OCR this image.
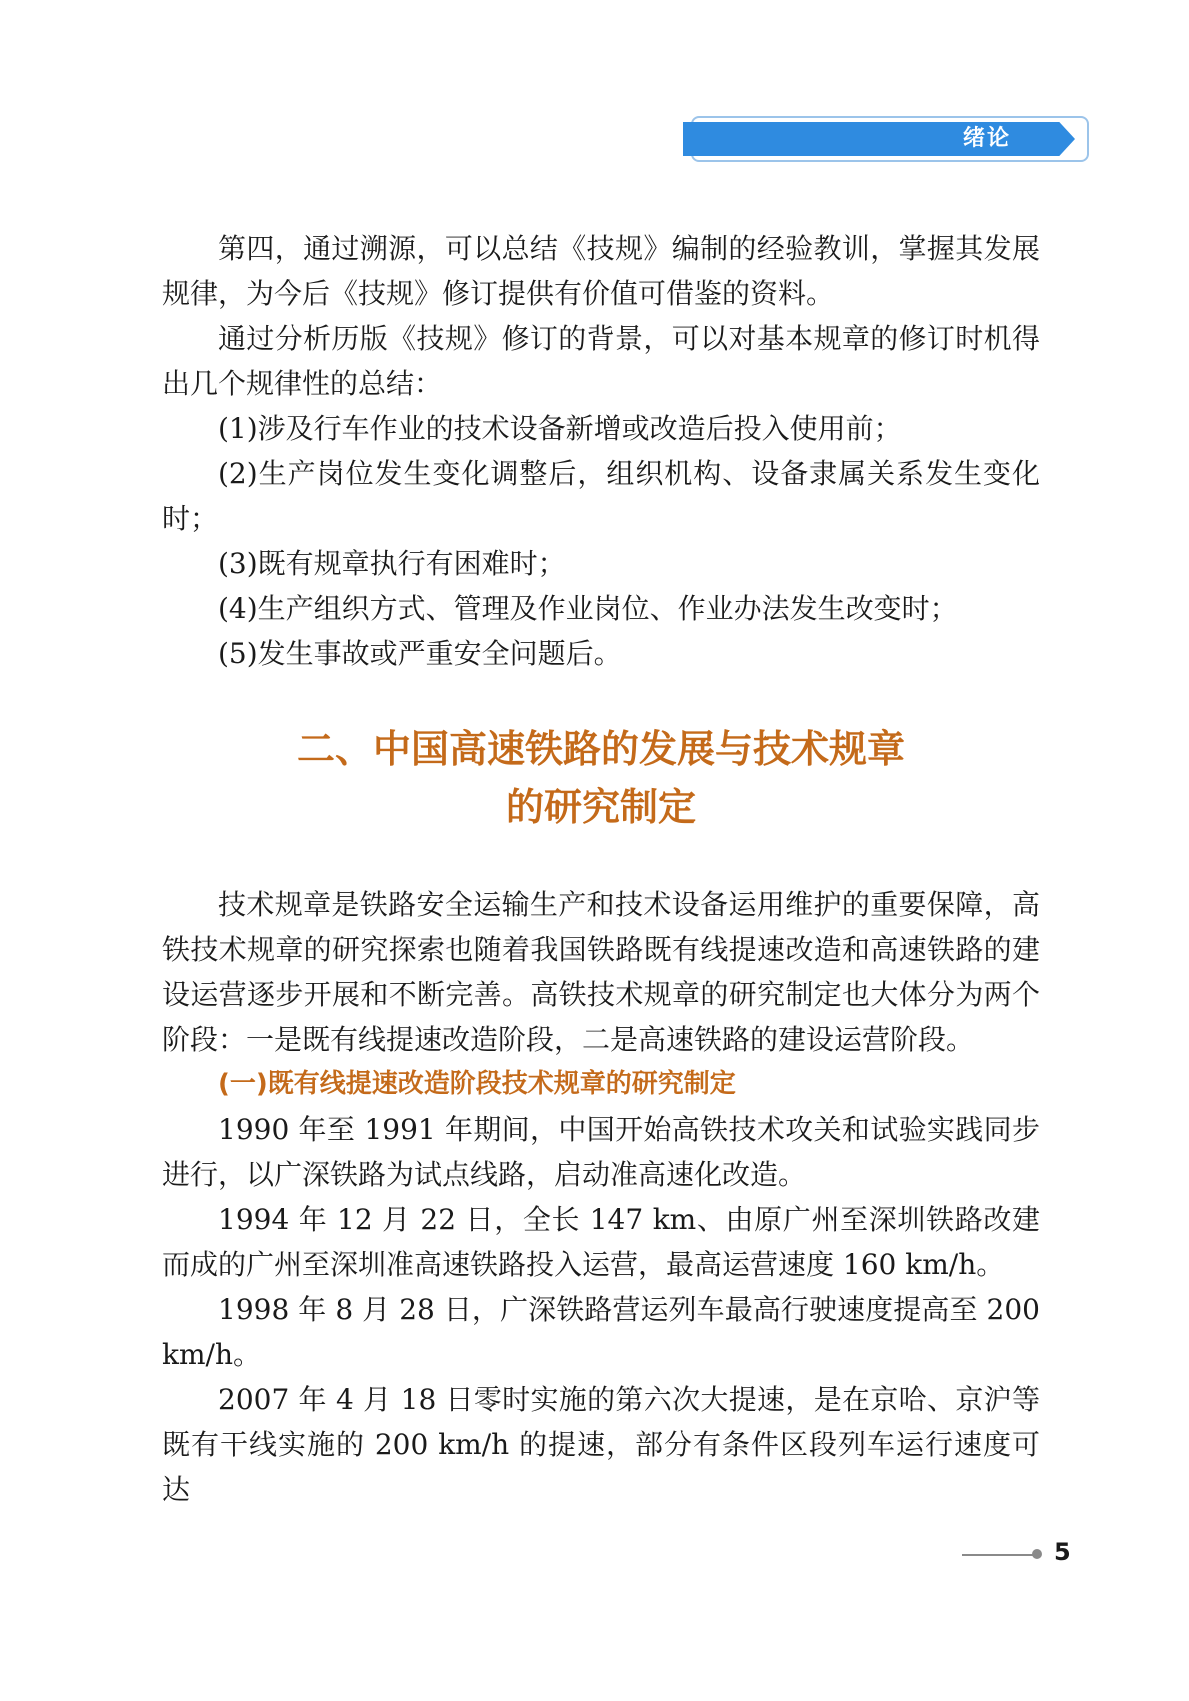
绪论

第四，通过溯源，可以总结《技规》编制的经验教训，掌握其发展规律，为今后《技规》修订提供有价值可借鉴的资料。

通过分析历版《技规》修订的背景，可以对基本规章的修订时机得出几个规律性的总结：

(1)涉及行车作业的技术设备新增或改造后投入使用前；

(2)生产岗位发生变化调整后，组织机构、设备隶属关系发生变化时；

(3)既有规章执行有困难时；

(4)生产组织方式、管理及作业岗位、作业办法发生改变时；

(5)发生事故或严重安全问题后。

二、中国高速铁路的发展与技术规章
的研究制定

技术规章是铁路安全运输生产和技术设备运用维护的重要保障，高铁技术规章的研究探索也随着我国铁路既有线提速改造和高速铁路的建设运营逐步开展和不断完善。高铁技术规章的研究制定也大体分为两个阶段：一是既有线提速改造阶段，二是高速铁路的建设运营阶段。

(一)既有线提速改造阶段技术规章的研究制定

1990 年至 1991 年期间，中国开始高铁技术攻关和试验实践同步进行，以广深铁路为试点线路，启动准高速化改造。

1994 年 12 月 22 日，全长 147 km、由原广州至深圳铁路改建而成的广州至深圳准高速铁路投入运营，最高运营速度 160 km/h。

1998 年 8 月 28 日，广深铁路营运列车最高行驶速度提高至 200 km/h。

2007 年 4 月 18 日零时实施的第六次大提速，是在京哈、京沪等既有干线实施的 200 km/h 的提速，部分有条件区段列车运行速度可达

5
